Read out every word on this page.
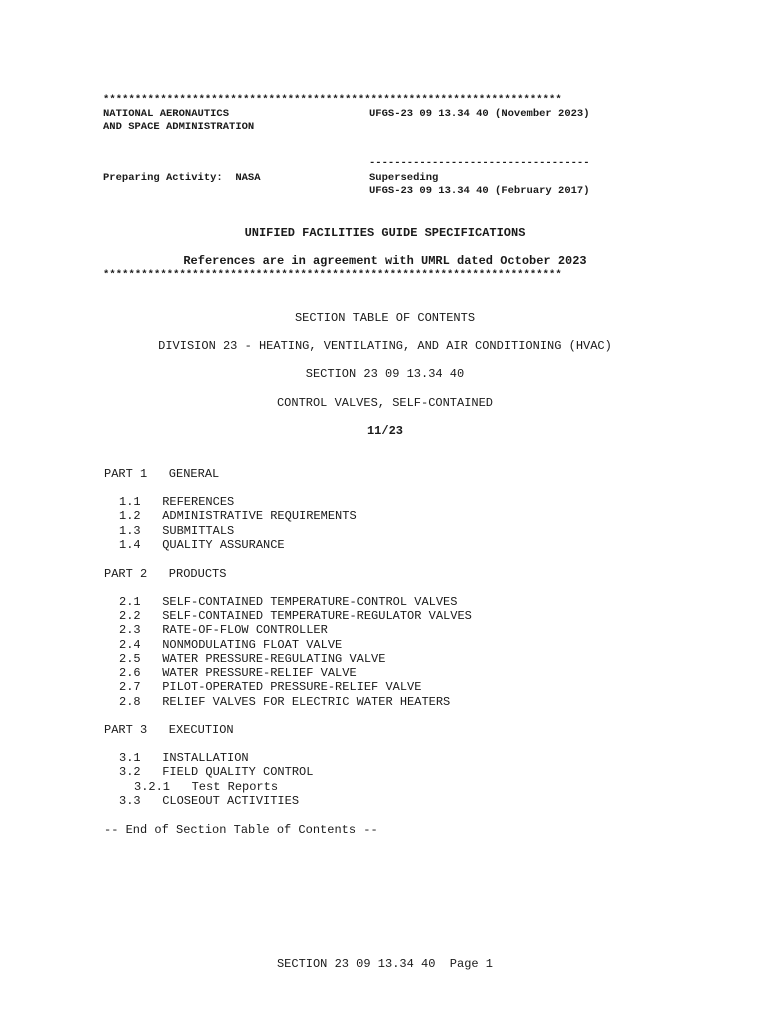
************************************************************************
NATIONAL AERONAUTICS	UFGS-23 09 13.34 40 (November 2023)
AND SPACE ADMINISTRATION
-----------------------------------
Preparing Activity:  NASA	Superseding
UFGS-23 09 13.34 40 (February 2017)
UNIFIED FACILITIES GUIDE SPECIFICATIONS
References are in agreement with UMRL dated October 2023
************************************************************************
SECTION TABLE OF CONTENTS
DIVISION 23 - HEATING, VENTILATING, AND AIR CONDITIONING (HVAC)
SECTION 23 09 13.34 40
CONTROL VALVES, SELF-CONTAINED
11/23
PART 1   GENERAL
1.1   REFERENCES
1.2   ADMINISTRATIVE REQUIREMENTS
1.3   SUBMITTALS
1.4   QUALITY ASSURANCE
PART 2   PRODUCTS
2.1   SELF-CONTAINED TEMPERATURE-CONTROL VALVES
2.2   SELF-CONTAINED TEMPERATURE-REGULATOR VALVES
2.3   RATE-OF-FLOW CONTROLLER
2.4   NONMODULATING FLOAT VALVE
2.5   WATER PRESSURE-REGULATING VALVE
2.6   WATER PRESSURE-RELIEF VALVE
2.7   PILOT-OPERATED PRESSURE-RELIEF VALVE
2.8   RELIEF VALVES FOR ELECTRIC WATER HEATERS
PART 3   EXECUTION
3.1   INSTALLATION
3.2   FIELD QUALITY CONTROL
3.2.1   Test Reports
3.3   CLOSEOUT ACTIVITIES
-- End of Section Table of Contents --
SECTION 23 09 13.34 40  Page 1
